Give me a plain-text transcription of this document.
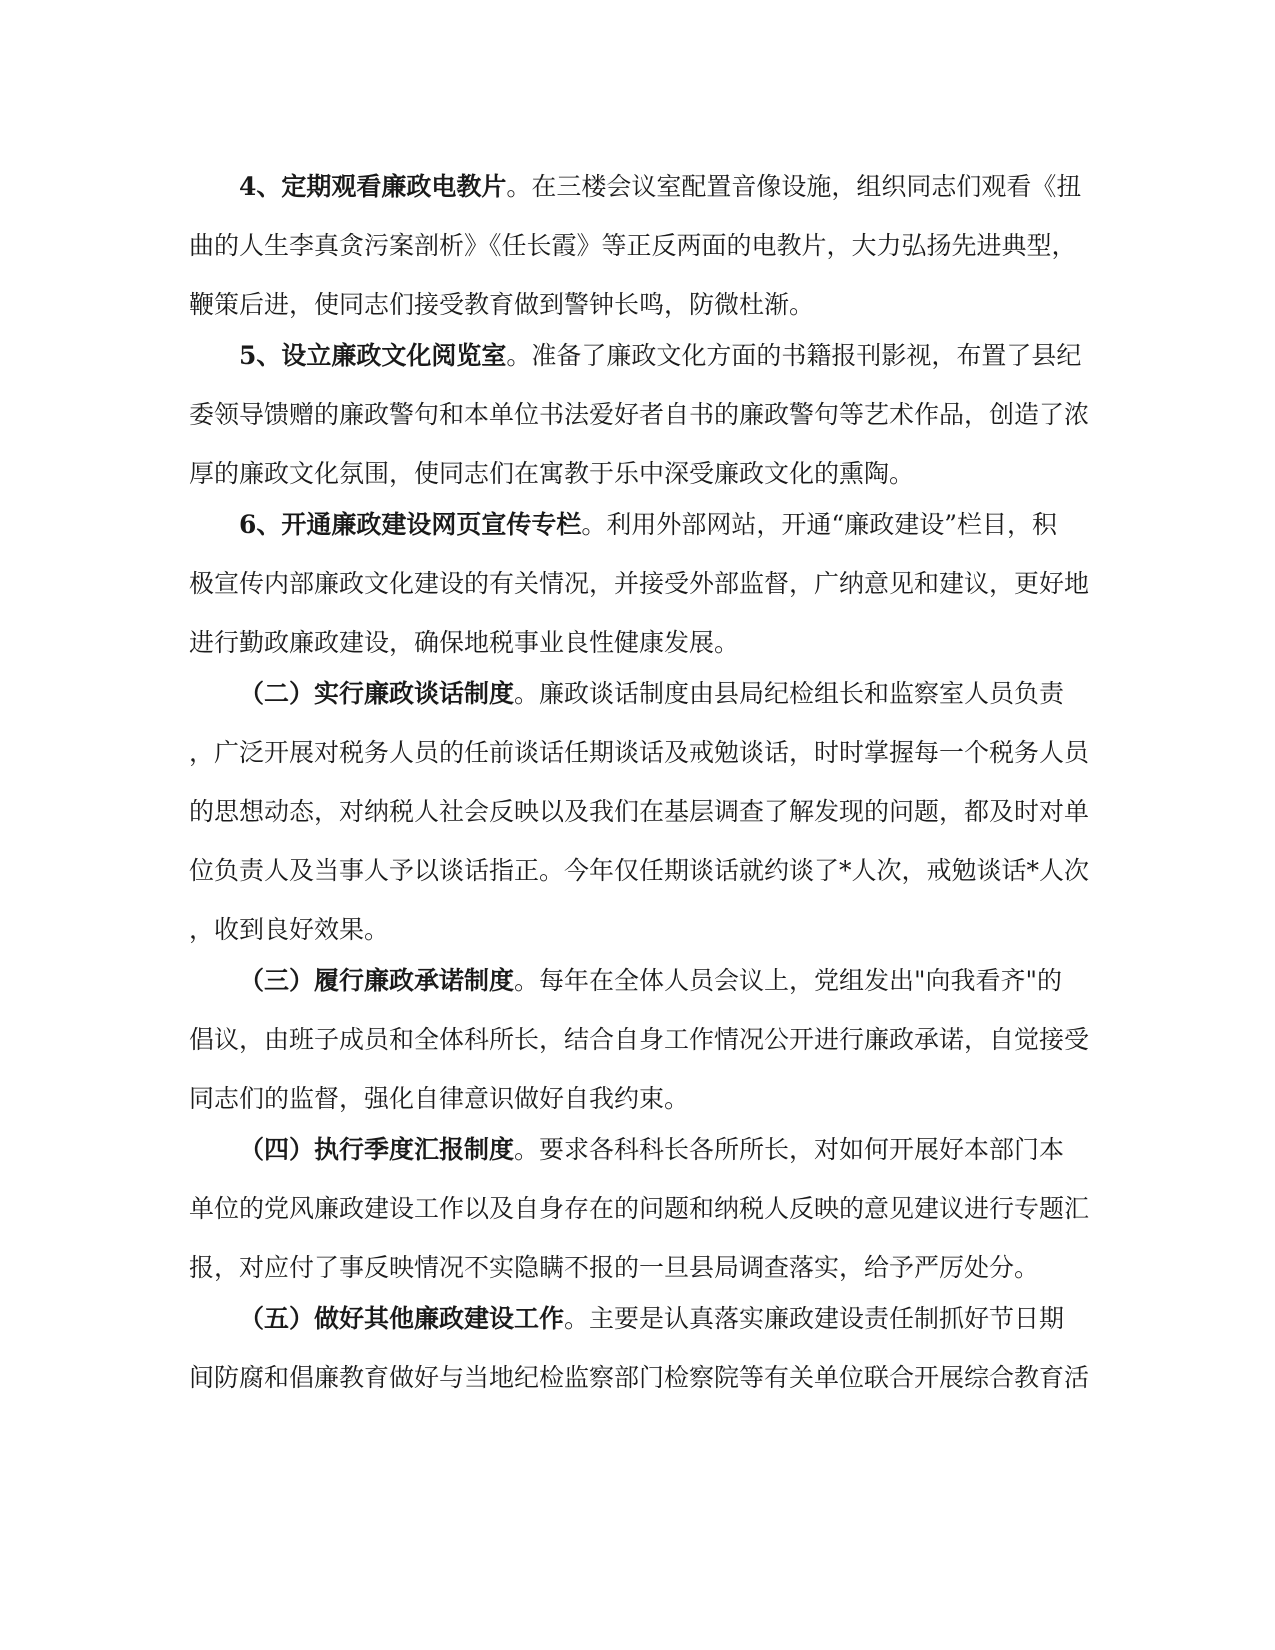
4、定期观看廉政电教片。在三楼会议室配置音像设施，组织同志们观看《扭
曲的人生李真贪污案剖析》《任长霞》等正反两面的电教片，大力弘扬先进典型，
鞭策后进，使同志们接受教育做到警钟长鸣，防微杜渐。
5、设立廉政文化阅览室。准备了廉政文化方面的书籍报刊影视，布置了县纪
委领导馈赠的廉政警句和本单位书法爱好者自书的廉政警句等艺术作品，创造了浓
厚的廉政文化氛围，使同志们在寓教于乐中深受廉政文化的熏陶。
6、开通廉政建设网页宣传专栏。利用外部网站，开通“廉政建设”栏目，积
极宣传内部廉政文化建设的有关情况，并接受外部监督，广纳意见和建议，更好地
进行勤政廉政建设，确保地税事业良性健康发展。
（二）实行廉政谈话制度。廉政谈话制度由县局纪检组长和监察室人员负责
，广泛开展对税务人员的任前谈话任期谈话及戒勉谈话，时时掌握每一个税务人员
的思想动态，对纳税人社会反映以及我们在基层调查了解发现的问题，都及时对单
位负责人及当事人予以谈话指正。今年仅任期谈话就约谈了*人次，戒勉谈话*人次
，收到良好效果。
（三）履行廉政承诺制度。每年在全体人员会议上，党组发出"向我看齐"的
倡议，由班子成员和全体科所长，结合自身工作情况公开进行廉政承诺，自觉接受
同志们的监督，强化自律意识做好自我约束。
（四）执行季度汇报制度。要求各科科长各所所长，对如何开展好本部门本
单位的党风廉政建设工作以及自身存在的问题和纳税人反映的意见建议进行专题汇
报，对应付了事反映情况不实隐瞒不报的一旦县局调查落实，给予严厉处分。
（五）做好其他廉政建设工作。主要是认真落实廉政建设责任制抓好节日期
间防腐和倡廉教育做好与当地纪检监察部门检察院等有关单位联合开展综合教育活
